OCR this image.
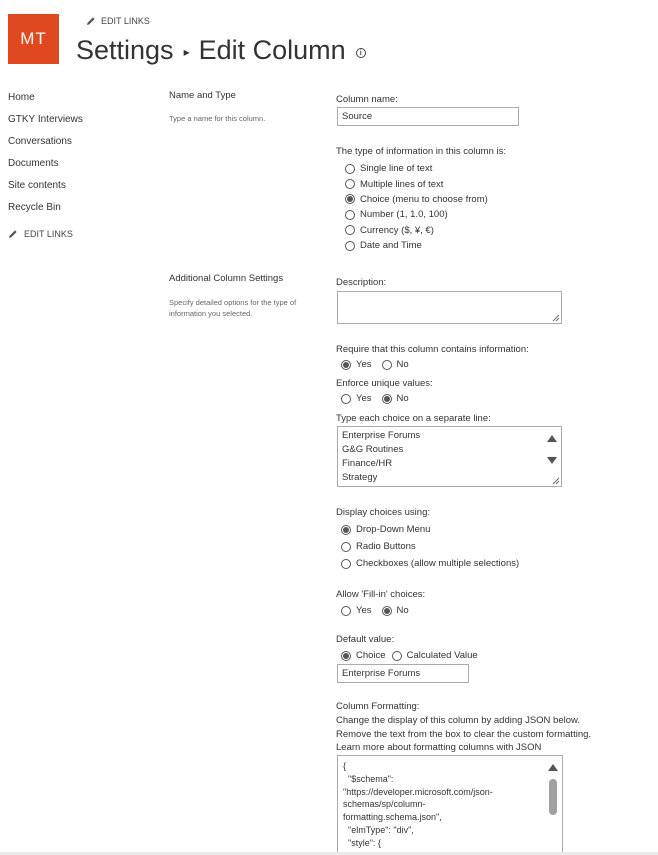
MT
EDIT LINKS
Settings ▸ Edit Column	i
Home
GTKY Interviews
Conversations
Documents
Site contents
Recycle Bin
EDIT LINKS
Name and Type
Type a name for this column.
Additional Column Settings
Specify detailed options for the type of
information you selected.
Column name:
Source
The type of information in this column is:
Single line of text
Multiple lines of text
Choice (menu to choose from)
Number (1, 1.0, 100)
Currency ($, ¥, €)
Date and Time
Description:
Require that this column contains information:
Yes	No
Enforce unique values:
Yes	No
Type each choice on a separate line:
Enterprise Forums
G&G Routines
Finance/HR
Strategy
Display choices using:
Drop-Down Menu
Radio Buttons
Checkboxes (allow multiple selections)
Allow 'Fill-in' choices:
Yes	No
Default value:
Choice Calculated Value
Enterprise Forums
Column Formatting:
Change the display of this column by adding JSON below.
Remove the text from the box to clear the custom formatting.
Learn more about formatting columns with JSON
{
"$schema":
"https://developer.microsoft.com/json-
schemas/sp/column-
formatting.schema.json",
"elmType": "div",
"style": {
